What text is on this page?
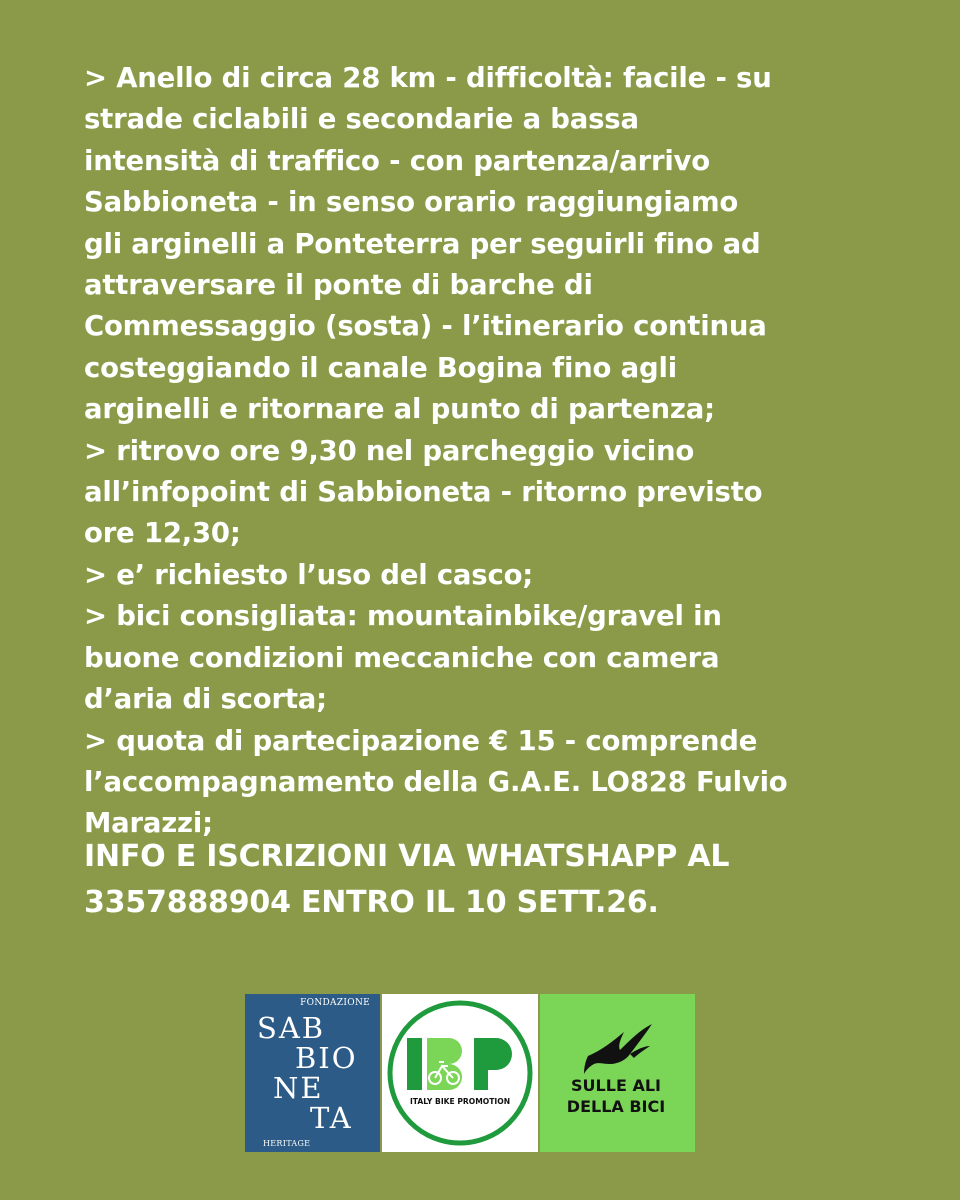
> Anello di circa 28 km - difficoltà: facile - su
strade ciclabili e secondarie a bassa
intensità di traffico - con partenza/arrivo
Sabbioneta - in senso orario raggiungiamo
gli arginelli a Ponteterra per seguirli fino ad
attraversare il ponte di barche di
Commessaggio (sosta) - l’itinerario continua
costeggiando il canale Bogina fino agli
arginelli e ritornare al punto di partenza;
> ritrovo ore 9,30 nel parcheggio vicino
all’infopoint di Sabbioneta - ritorno previsto
ore 12,30;
> e’ richiesto l’uso del casco;
> bici consigliata: mountainbike/gravel in
buone condizioni meccaniche con camera
d’aria di scorta;
> quota di partecipazione € 15 - comprende
l’accompagnamento della G.A.E. LO828 Fulvio
Marazzi;
INFO E ISCRIZIONI VIA WHATSHAPP AL
3357888904 ENTRO IL 10 SETT.26.
FONDAZIONE
SAB
BIO
NE
TA
HERITAGE
ITALY BIKE PROMOTION
SULLE ALI
DELLA BICI
